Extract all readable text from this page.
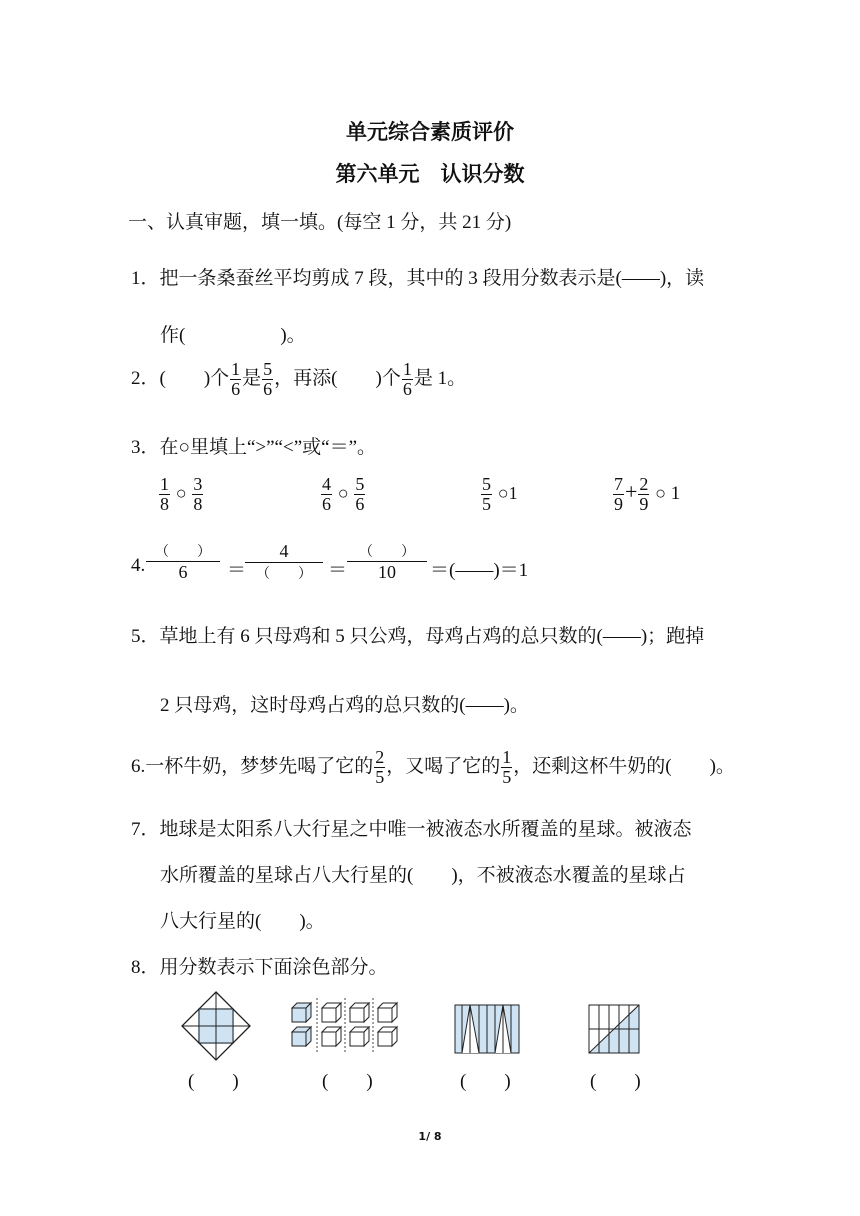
单元综合素质评价
第六单元　认识分数
一、认真审题，填一填。(每空 1 分，共 21 分)
1．把一条桑蚕丝平均剪成 7 段，其中的 3 段用分数表示是(――)，读
作(　　　　　)。
2．(　　)个 $\frac{1}{6}$ 是 $\frac{5}{6}$ ，再添(　　)个 $\frac{1}{6}$ 是 1。
3．在○里填上“>”“<”或“＝”。
$\frac{1}{8}$ ○ $\frac{3}{8}$	$\frac{4}{6}$ ○ $\frac{5}{6}$	$\frac{5}{5}$ ○1	$\frac{7}{9} + \frac{2}{9}$ ○ 1
4.
（　　）
6	＝
4
（　　） ＝
（　　）
10	＝(――)＝1
5．草地上有 6 只母鸡和 5 只公鸡，母鸡占鸡的总只数的(――)；跑掉
2 只母鸡，这时母鸡占鸡的总只数的(――)。
6.一杯牛奶，梦梦先喝了它的 $\frac{2}{5}$ ，又喝了它的 $\frac{1}{5}$ ，还剩这杯牛奶的(　　)。
7．地球是太阳系八大行星之中唯一被液态水所覆盖的星球。被液态
水所覆盖的星球占八大行星的(　　)，不被液态水覆盖的星球占
八大行星的(　　)。
8．用分数表示下面涂色部分。
(　　)	(　　)	(　　)	(　　)
1/ 8
